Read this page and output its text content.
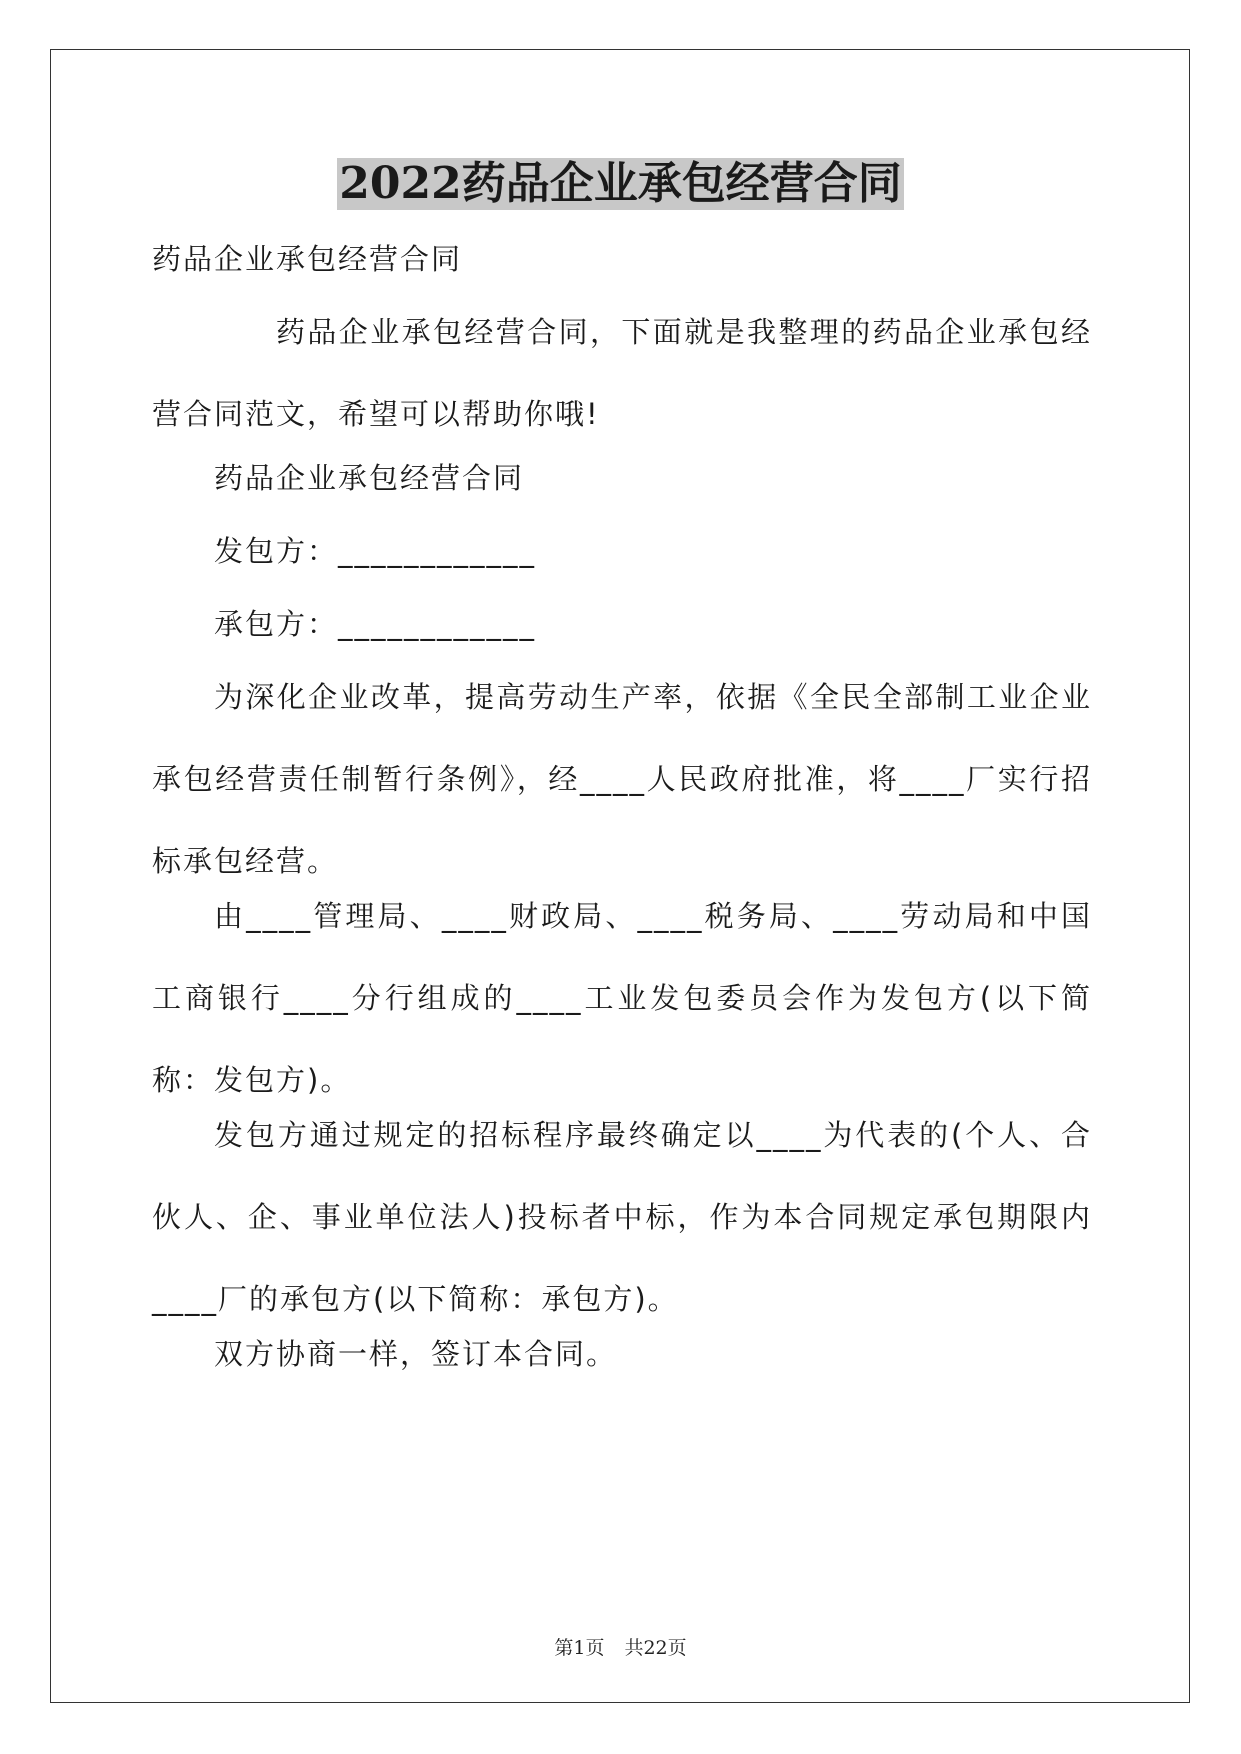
2022药品企业承包经营合同

药品企业承包经营合同

药品企业承包经营合同，下面就是我整理的药品企业承包经营合同范文，希望可以帮助你哦!

药品企业承包经营合同

发包方：____________

承包方：____________

为深化企业改革，提高劳动生产率，依据《全民全部制工业企业承包经营责任制暂行条例》，经____人民政府批准，将____厂实行招标承包经营。

由____管理局、____财政局、____税务局、____劳动局和中国工商银行____分行组成的____工业发包委员会作为发包方(以下简称：发包方)。

发包方通过规定的招标程序最终确定以____为代表的(个人、合伙人、企、事业单位法人)投标者中标，作为本合同规定承包期限内____厂的承包方(以下简称：承包方)。

双方协商一样，签订本合同。

第1页 共22页
